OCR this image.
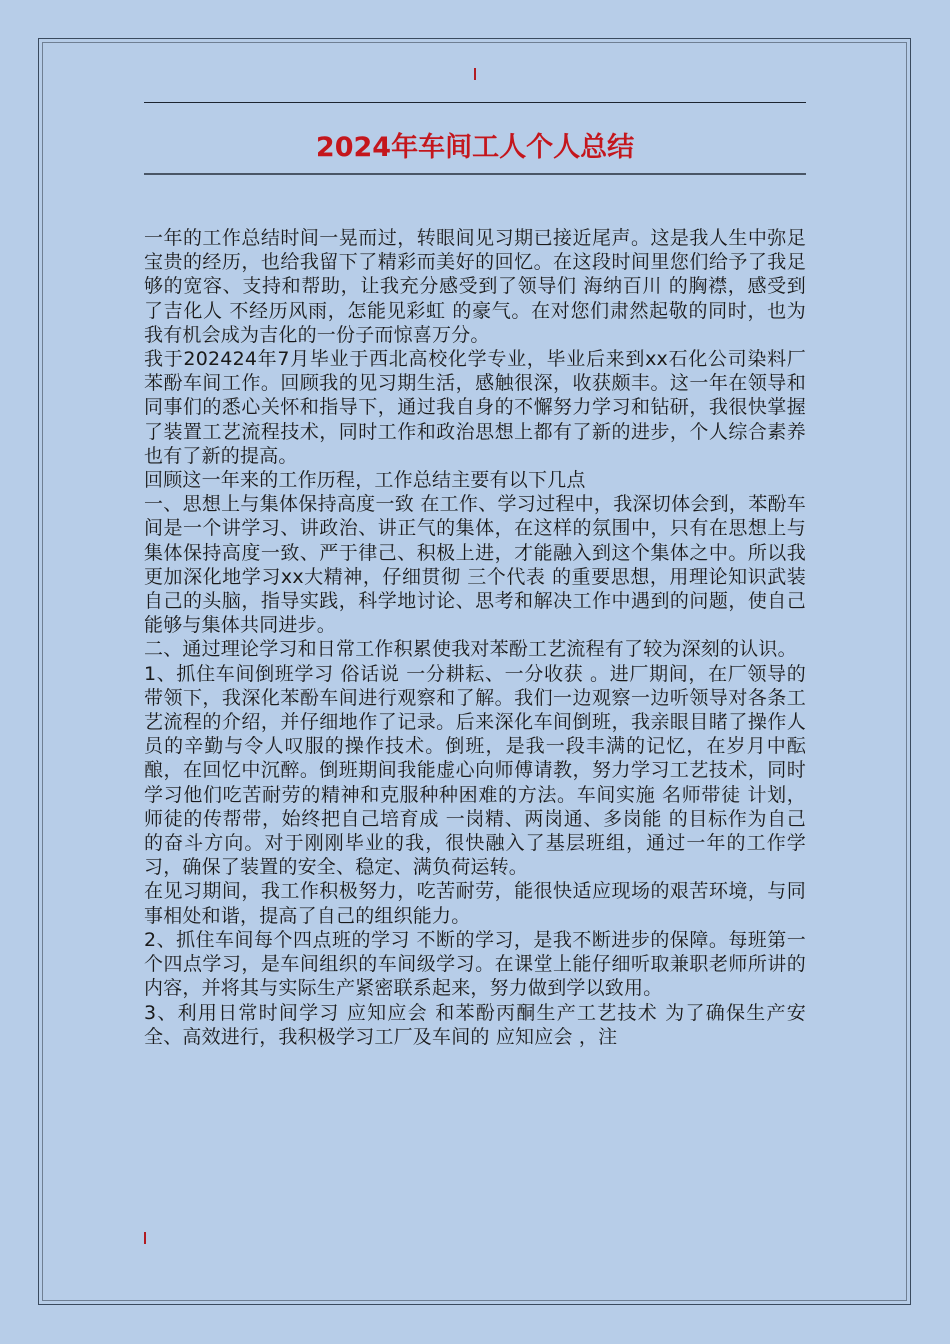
2024年车间工人个人总结

一年的工作总结时间一晃而过，转眼间见习期已接近尾声。这是我人生中弥足宝贵的经历，也给我留下了精彩而美好的回忆。在这段时间里您们给予了我足够的宽容、支持和帮助，让我充分感受到了领导们 海纳百川 的胸襟，感受到了吉化人 不经历风雨，怎能见彩虹 的豪气。在对您们肃然起敬的同时，也为我有机会成为吉化的一份子而惊喜万分。

我于202424年7月毕业于西北高校化学专业，毕业后来到xx石化公司染料厂苯酚车间工作。回顾我的见习期生活，感触很深，收获颇丰。这一年在领导和同事们的悉心关怀和指导下，通过我自身的不懈努力学习和钻研，我很快掌握了装置工艺流程技术，同时工作和政治思想上都有了新的进步，个人综合素养也有了新的提高。

回顾这一年来的工作历程，工作总结主要有以下几点

一、思想上与集体保持高度一致 在工作、学习过程中，我深切体会到，苯酚车间是一个讲学习、讲政治、讲正气的集体，在这样的氛围中，只有在思想上与集体保持高度一致、严于律己、积极上进，才能融入到这个集体之中。所以我更加深化地学习xx大精神，仔细贯彻 三个代表 的重要思想，用理论知识武装自己的头脑，指导实践，科学地讨论、思考和解决工作中遇到的问题，使自己能够与集体共同进步。

二、通过理论学习和日常工作积累使我对苯酚工艺流程有了较为深刻的认识。

1、抓住车间倒班学习 俗话说 一分耕耘、一分收获 。进厂期间，在厂领导的带领下，我深化苯酚车间进行观察和了解。我们一边观察一边听领导对各条工艺流程的介绍，并仔细地作了记录。后来深化车间倒班，我亲眼目睹了操作人员的辛勤与令人叹服的操作技术。倒班，是我一段丰满的记忆，在岁月中酝酿，在回忆中沉醉。倒班期间我能虚心向师傅请教，努力学习工艺技术，同时学习他们吃苦耐劳的精神和克服种种困难的方法。车间实施 名师带徒 计划，师徒的传帮带，始终把自己培育成 一岗精、两岗通、多岗能 的目标作为自己的奋斗方向。对于刚刚毕业的我，很快融入了基层班组，通过一年的工作学习，确保了装置的安全、稳定、满负荷运转。

在见习期间，我工作积极努力，吃苦耐劳，能很快适应现场的艰苦环境，与同事相处和谐，提高了自己的组织能力。

2、抓住车间每个四点班的学习 不断的学习，是我不断进步的保障。每班第一个四点学习，是车间组织的车间级学习。在课堂上能仔细听取兼职老师所讲的内容，并将其与实际生产紧密联系起来，努力做到学以致用。

3、利用日常时间学习 应知应会 和苯酚丙酮生产工艺技术 为了确保生产安全、高效进行，我积极学习工厂及车间的 应知应会 ，注
